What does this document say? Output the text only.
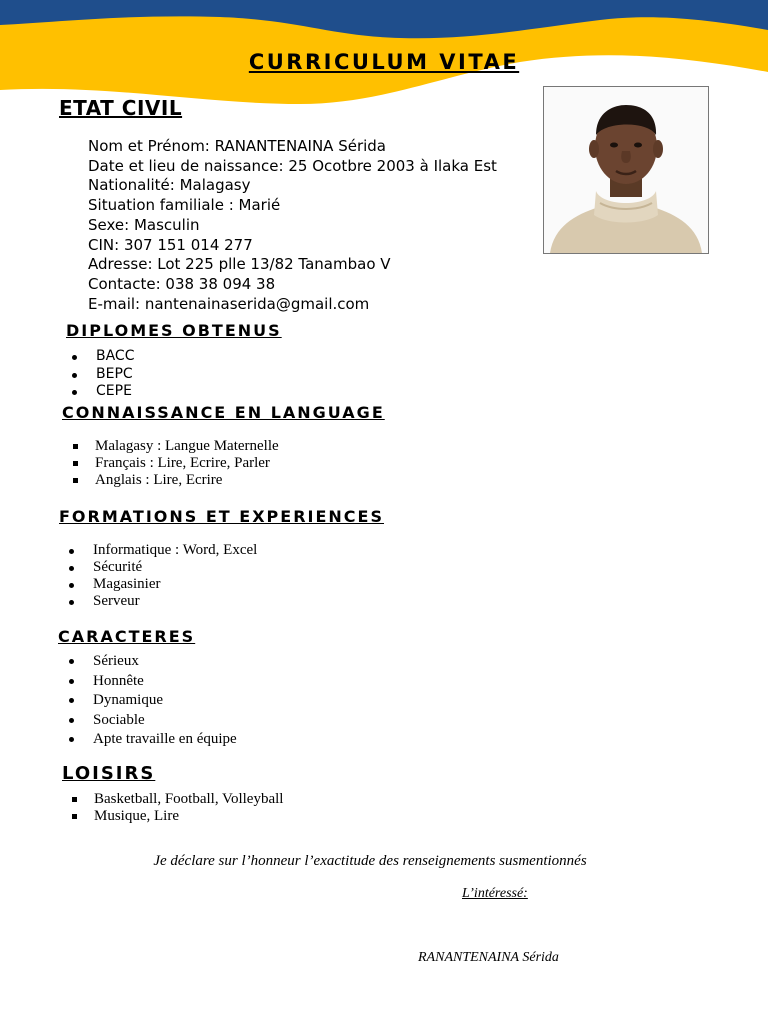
CURRICULUM VITAE
ETAT CIVIL
Nom et Prénom: RANANTENAINA Sérida
Date et lieu de naissance: 25 Ocotbre 2003 à Ilaka Est
Nationalité: Malagasy
Situation familiale : Marié
Sexe: Masculin
CIN: 307 151 014 277
Adresse: Lot 225 plle 13/82 Tanambao V
Contacte: 038 38 094 38
E-mail: nantenainaserida@gmail.com
DIPLOMES OBTENUS
BACC
BEPC
CEPE
CONNAISSANCE EN LANGUAGE
Malagasy : Langue Maternelle
Français : Lire, Ecrire, Parler
Anglais : Lire, Ecrire
FORMATIONS ET EXPERIENCES
Informatique : Word, Excel
Sécurité
Magasinier
Serveur
CARACTERES
Sérieux
Honnête
Dynamique
Sociable
Apte travaille en équipe
LOISIRS
Basketball, Football, Volleyball
Musique, Lire
Je déclare sur l’honneur l’exactitude des renseignements susmentionnés
L’intéressé:
RANANTENAINA Sérida
